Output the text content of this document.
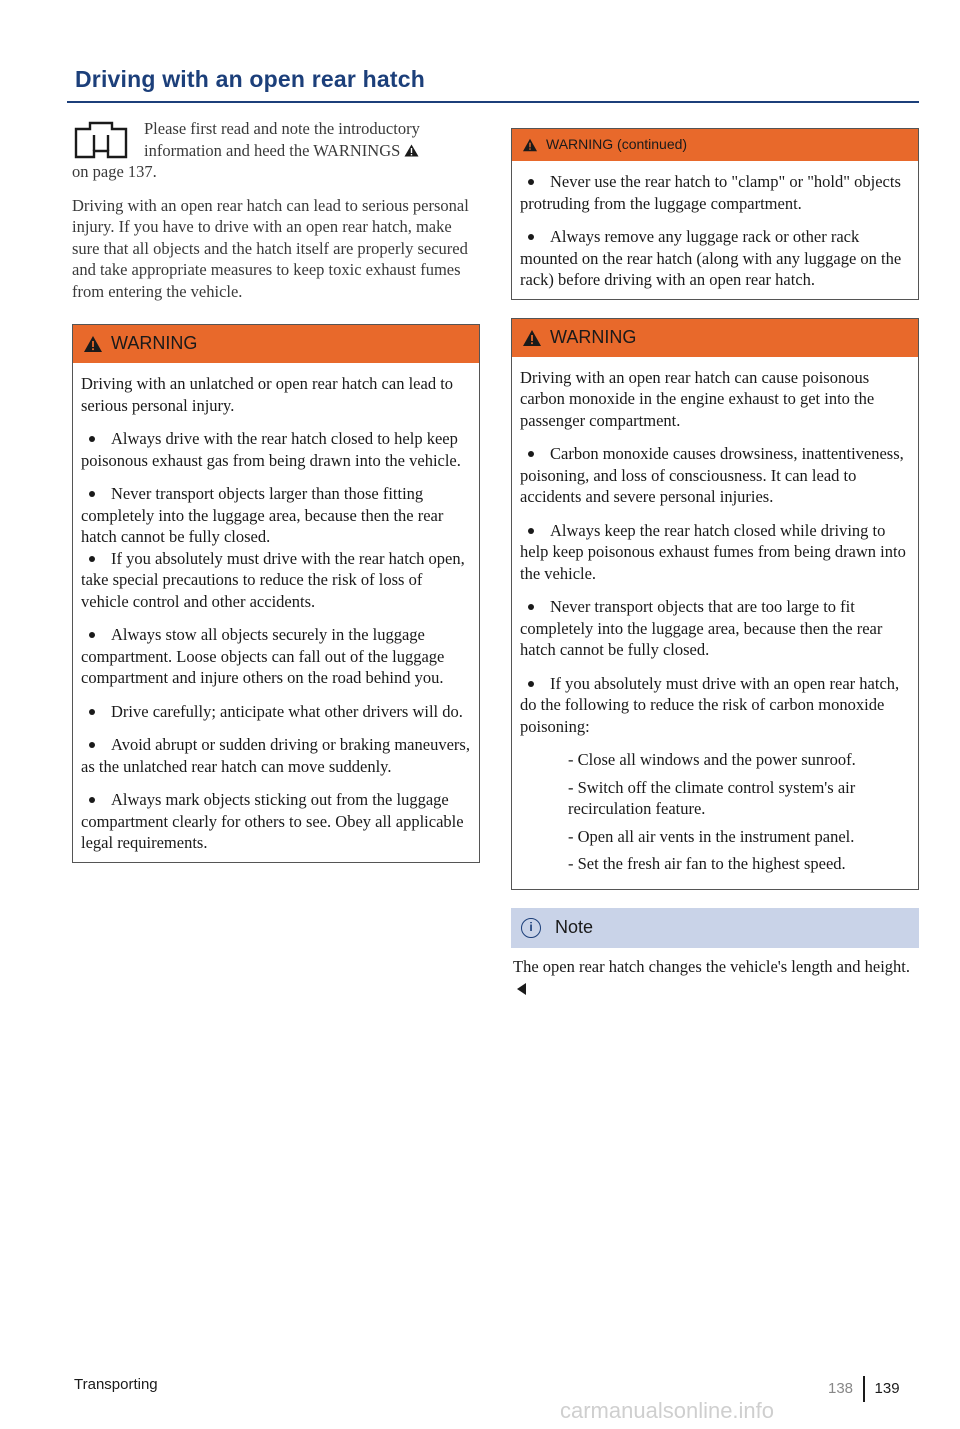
Driving with an open rear hatch

Please first read and note the introductory information and heed the WARNINGS

on page 137.

Driving with an open rear hatch can lead to serious personal injury. If you have to drive with an open rear hatch, make sure that all objects and the hatch itself are properly secured and take appropriate measures to keep toxic exhaust fumes from entering the vehicle.

WARNING

Driving with an unlatched or open rear hatch can lead to serious personal injury.

Always drive with the rear hatch closed to help keep poisonous exhaust gas from being drawn into the vehicle.

Never transport objects larger than those fitting completely into the luggage area, because then the rear hatch cannot be fully closed.

If you absolutely must drive with the rear hatch open, take special precautions to reduce the risk of loss of vehicle control and other accidents.

Always stow all objects securely in the luggage compartment. Loose objects can fall out of the luggage compartment and injure others on the road behind you.

Drive carefully; anticipate what other drivers will do.

Avoid abrupt or sudden driving or braking maneuvers, as the unlatched rear hatch can move suddenly.

Always mark objects sticking out from the luggage compartment clearly for others to see. Obey all applicable legal requirements.

WARNING (continued)

Never use the rear hatch to "clamp" or "hold" objects protruding from the luggage compartment.

Always remove any luggage rack or other rack mounted on the rear hatch (along with any luggage on the rack) before driving with an open rear hatch.

WARNING

Driving with an open rear hatch can cause poisonous carbon monoxide in the engine exhaust to get into the passenger compartment.

Carbon monoxide causes drowsiness, inattentiveness, poisoning, and loss of consciousness. It can lead to accidents and severe personal injuries.

Always keep the rear hatch closed while driving to help keep poisonous exhaust fumes from being drawn into the vehicle.

Never transport objects that are too large to fit completely into the luggage area, because then the rear hatch cannot be fully closed.

If you absolutely must drive with an open rear hatch, do the following to reduce the risk of carbon monoxide poisoning:

- Close all windows and the power sunroof.
- Switch off the climate control system's air recirculation feature.
- Open all air vents in the instrument panel.
- Set the fresh air fan to the highest speed.
i	Note

The open rear hatch changes the vehicle's length and height.

Transporting	138 139
carmanualsonline.info
